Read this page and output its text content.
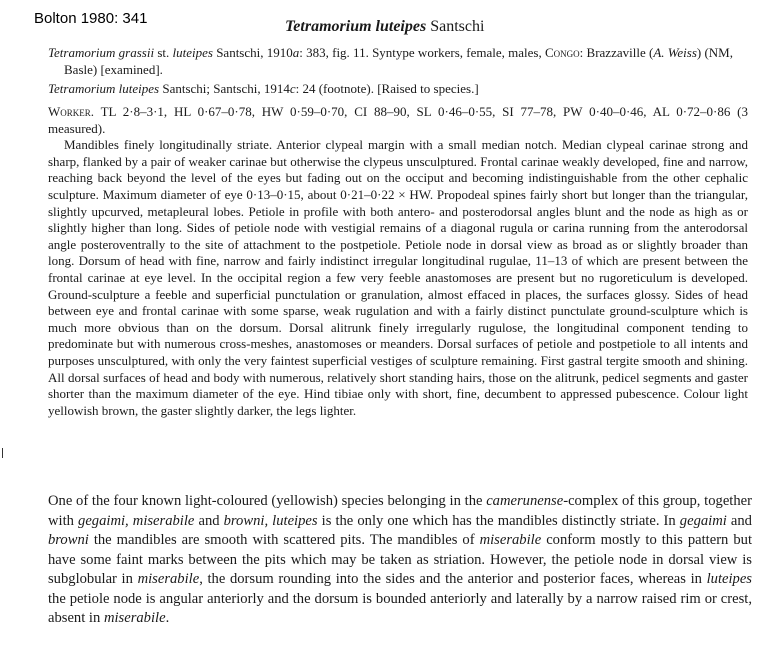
Bolton 1980: 341	Tetramorium luteipes Santschi
Tetramorium grassii st. luteipes Santschi, 1910a: 383, fig. 11. Syntype workers, female, males, Congo: Brazzaville (A. Weiss) (NM, Basle) [examined].
Tetramorium luteipes Santschi; Santschi, 1914c: 24 (footnote). [Raised to species.]

Worker. TL 2·8–3·1, HL 0·67–0·78, HW 0·59–0·70, CI 88–90, SL 0·46–0·55, SI 77–78, PW 0·40–0·46, AL 0·72–0·86 (3 measured).

Mandibles finely longitudinally striate. Anterior clypeal margin with a small median notch. Median clypeal carinae strong and sharp, flanked by a pair of weaker carinae but otherwise the clypeus unsculptured. Frontal carinae weakly developed, fine and narrow, reaching back beyond the level of the eyes but fading out on the occiput and becoming indistinguishable from the other cephalic sculpture. Maximum diameter of eye 0·13–0·15, about 0·21–0·22 × HW. Propodeal spines fairly short but longer than the triangular, slightly upcurved, metapleural lobes. Petiole in profile with both antero- and posterodorsal angles blunt and the node as high as or slightly higher than long. Sides of petiole node with vestigial remains of a diagonal rugula or carina running from the anterodorsal angle posteroventrally to the site of attachment to the postpetiole. Petiole node in dorsal view as broad as or slightly broader than long. Dorsum of head with fine, narrow and fairly indistinct irregular longitudinal rugulae, 11–13 of which are present between the frontal carinae at eye level. In the occipital region a few very feeble anastomoses are present but no rugoreticulum is developed. Ground-sculpture a feeble and superficial punctulation or granulation, almost effaced in places, the surfaces glossy. Sides of head between eye and frontal carinae with some sparse, weak rugulation and with a fairly distinct punctulate ground-sculpture which is much more obvious than on the dorsum. Dorsal alitrunk finely irregularly rugulose, the longitudinal component tending to predominate but with numerous cross-meshes, anastomoses or meanders. Dorsal surfaces of petiole and postpetiole to all intents and purposes unsculptured, with only the very faintest superficial vestiges of sculpture remaining. First gastral tergite smooth and shining. All dorsal surfaces of head and body with numerous, relatively short standing hairs, those on the alitrunk, pedicel segments and gaster shorter than the maximum diameter of the eye. Hind tibiae only with short, fine, decumbent to appressed pubescence. Colour light yellowish brown, the gaster slightly darker, the legs lighter.

One of the four known light-coloured (yellowish) species belonging in the camerunense-complex of this group, together with gegaimi, miserabile and browni, luteipes is the only one which has the mandibles distinctly striate. In gegaimi and browni the mandibles are smooth with scattered pits. The mandibles of miserabile conform mostly to this pattern but have some faint marks between the pits which may be taken as striation. However, the petiole node in dorsal view is subglobular in miserabile, the dorsum rounding into the sides and the anterior and posterior faces, whereas in luteipes the petiole node is angular anteriorly and the dorsum is bounded anteriorly and laterally by a narrow raised rim or crest, absent in miserabile.
